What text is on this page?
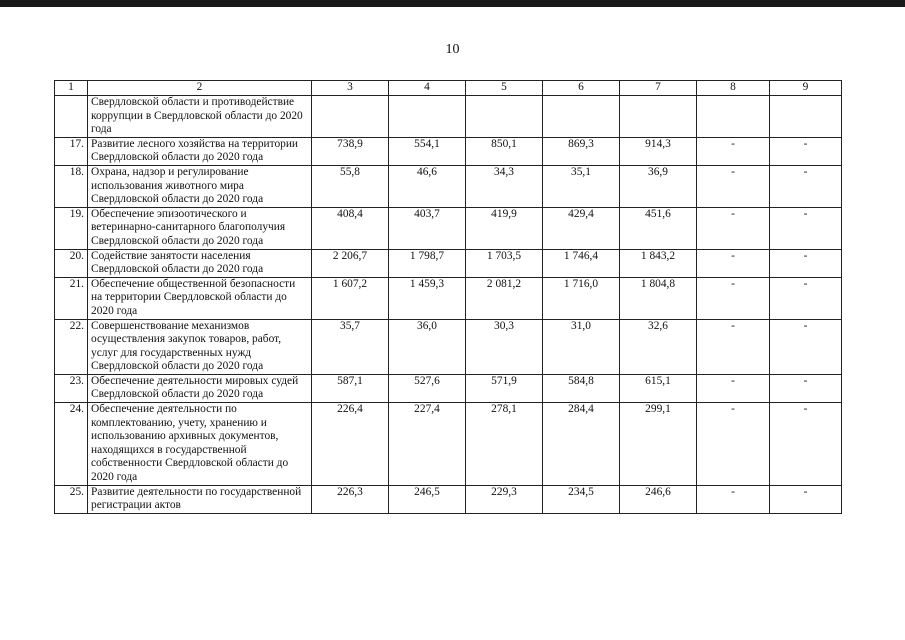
10
1	2	3	4	5	6	7	8	9
	Свердловской области и противодействие коррупции в Свердловской области до 2020 года							
17.	Развитие лесного хозяйства на территории Свердловской области до 2020 года	738,9	554,1	850,1	869,3	914,3	-	-
18.	Охрана, надзор и регулирование использования животного мира Свердловской области до 2020 года	55,8	46,6	34,3	35,1	36,9	-	-
19.	Обеспечение эпизоотического и ветеринарно-санитарного благополучия Свердловской области до 2020 года	408,4	403,7	419,9	429,4	451,6	-	-
20.	Содействие занятости населения Свердловской области до 2020 года	2 206,7	1 798,7	1 703,5	1 746,4	1 843,2	-	-
21.	Обеспечение общественной безопасности на территории Свердловской области до 2020 года	1 607,2	1 459,3	2 081,2	1 716,0	1 804,8	-	-
22.	Совершенствование механизмов осуществления закупок товаров, работ, услуг для государственных нужд Свердловской области до 2020 года	35,7	36,0	30,3	31,0	32,6	-	-
23.	Обеспечение деятельности мировых судей Свердловской области до 2020 года	587,1	527,6	571,9	584,8	615,1	-	-
24.	Обеспечение деятельности по комплектованию, учету, хранению и использованию архивных документов, находящихся в государственной собственности Свердловской области до 2020 года	226,4	227,4	278,1	284,4	299,1	-	-
25.	Развитие деятельности по государственной регистрации актов	226,3	246,5	229,3	234,5	246,6	-	-
